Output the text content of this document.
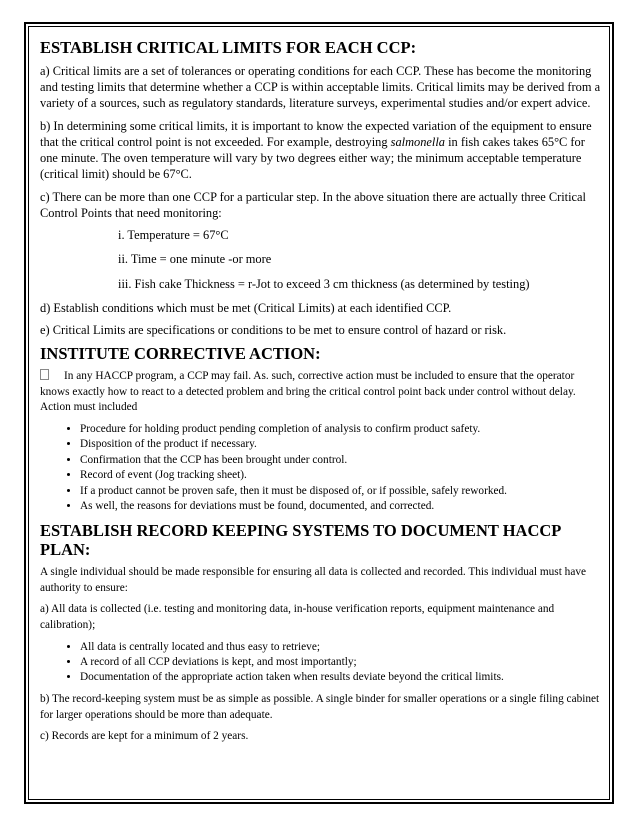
ESTABLISH CRITICAL LIMITS FOR EACH CCP:

a) Critical limits are a set of tolerances or operating conditions for each CCP. These has become the monitoring and testing limits that determine whether a CCP is within acceptable limits. Critical limits may be derived from a variety of a sources, such as regulatory standards, literature surveys, experimental studies and/or expert advice.

b) In determining some critical limits, it is important to know the expected variation of the equipment to ensure that the critical control point is not exceeded. For example, destroying salmonella in fish cakes takes 65°C for one minute. The oven temperature will vary by two degrees either way; the minimum acceptable temperature (critical limit) should be 67°C.

c) There can be more than one CCP for a particular step. In the above situation there are actually three Critical Control Points that need monitoring:

i. Temperature = 67°C

ii. Time = one minute -or more

iii. Fish cake Thickness = r-Jot to exceed 3 cm thickness (as determined by testing)

d) Establish conditions which must be met (Critical Limits) at each identified CCP.

e) Critical Limits are specifications or conditions to be met to ensure control of hazard or risk.

INSTITUTE CORRECTIVE ACTION:

In any HACCP program, a CCP may fail. As. such, corrective action must be included to ensure that the operator knows exactly how to react to a detected problem and bring the critical control point back under control without delay. Action must included

• Procedure for holding product pending completion of analysis to confirm product safety.
• Disposition of the product if necessary.
• Confirmation that the CCP has been brought under control.
• Record of event (Jog tracking sheet).
• If a product cannot be proven safe, then it must be disposed of, or if possible, safely reworked.
• As well, the reasons for deviations must be found, documented, and corrected.
ESTABLISH RECORD KEEPING SYSTEMS TO DOCUMENT HACCP PLAN:

A single individual should be made responsible for ensuring all data is collected and recorded. This individual must have authority to ensure:

a) All data is collected (i.e. testing and monitoring data, in-house verification reports, equipment maintenance and calibration);

• All data is centrally located and thus easy to retrieve;
• A record of all CCP deviations is kept, and most importantly;
• Documentation of the appropriate action taken when results deviate beyond the critical limits.

b) The record-keeping system must be as simple as possible. A single binder for smaller operations or a single filing cabinet for larger operations should be more than adequate.

c) Records are kept for a minimum of 2 years.
